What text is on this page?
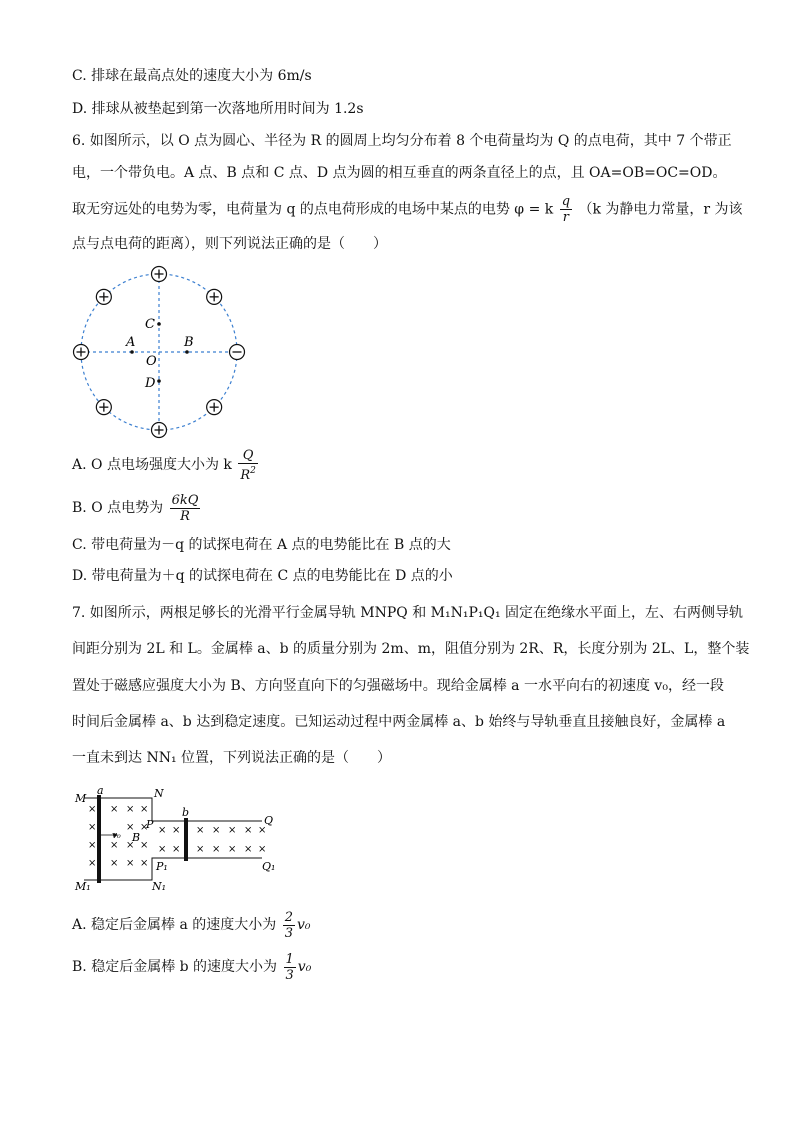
C. 排球在最高点处的速度大小为 6m/s
D. 排球从被垫起到第一次落地所用时间为 1.2s
6. 如图所示，以 O 点为圆心、半径为 R 的圆周上均匀分布着 8 个电荷量均为 Q 的点电荷，其中 7 个带正
电，一个带负电。A 点、B 点和 C 点、D 点为圆的相互垂直的两条直径上的点，且 OA=OB=OC=OD。
取无穷远处的电势为零，电荷量为 q 的点电荷形成的电场中某点的电势 φ = k $\frac{q}{r} (k$ 为静电力常量，r 为该
点与点电荷的距离），则下列说法正确的是（　　）
C
A
O
B
D
A. O 点电场强度大小为 k $\frac{Q}{R^2}$
B. O 点电势为 $\frac{6kQ}{R}$
C. 带电荷量为－q 的试探电荷在 A 点的电势能比在 B 点的大
D. 带电荷量为＋q 的试探电荷在 C 点的电势能比在 D 点的小
7. 如图所示，两根足够长的光滑平行金属导轨 MNPQ 和 M₁N₁P₁Q₁ 固定在绝缘水平面上，左、右两侧导轨
间距分别为 2L 和 L。金属棒 a、b 的质量分别为 2m、m，阻值分别为 2R、R，长度分别为 2L、L，整个装
置处于磁感应强度大小为 B、方向竖直向下的匀强磁场中。现给金属棒 a 一水平向右的初速度 v₀，经一段
时间后金属棒 a、b 达到稳定速度。已知运动过程中两金属棒 a、b 始终与导轨垂直且接触良好，金属棒 a
一直未到达 NN₁ 位置，下列说法正确的是（　　）
× × × ×
×	× ×
× × × ×
× × × ×
× × × × × × ×
× × × × × × ×
M
a	N
b
P	Q
v₀ B
P₁	Q₁
M₁	N₁
A. 稳定后金属棒 a 的速度大小为 $\frac{2}{3} v_0$
B. 稳定后金属棒 b 的速度大小为 $\frac{1}{3} v_0$
